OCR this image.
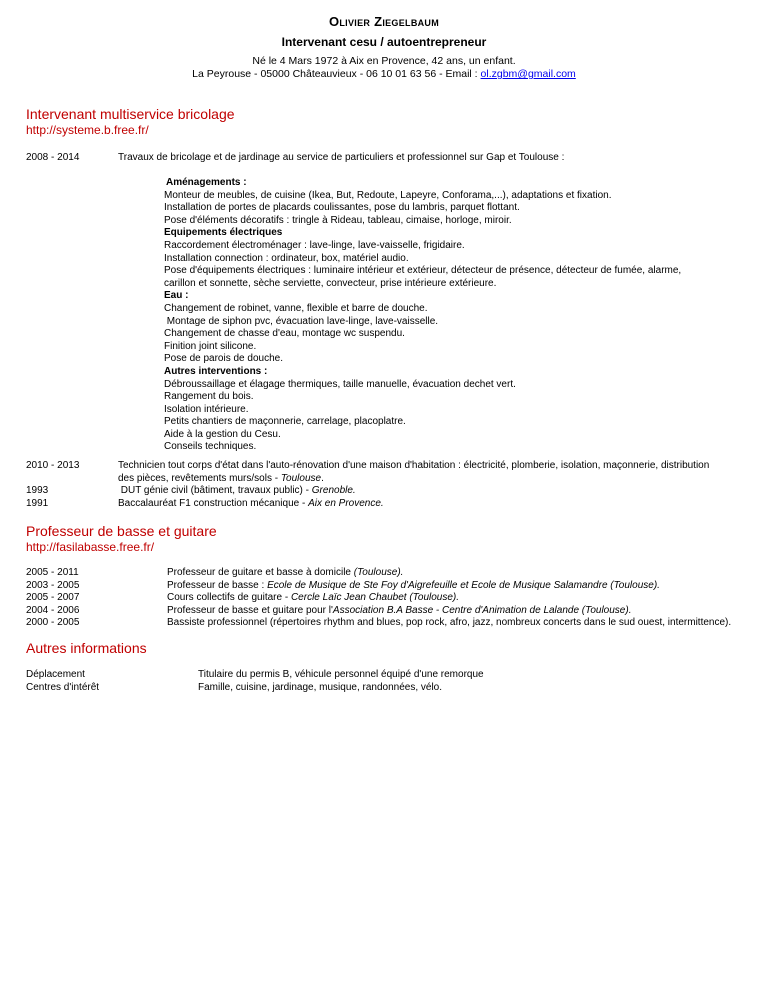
Olivier Ziegelbaum
Intervenant cesu / autoentrepreneur
Né le 4 Mars 1972 à Aix en Provence, 42 ans, un enfant.
La Peyrouse - 05000 Châteauvieux - 06 10 01 63 56 - Email : ol.zgbm@gmail.com
Intervenant multiservice bricolage
http://systeme.b.free.fr/
2008 - 2014	Travaux de bricolage et de jardinage au service de particuliers et professionnel sur Gap et Toulouse :
Aménagements :
Monteur de meubles, de cuisine (Ikea, But, Redoute, Lapeyre, Conforama,...), adaptations et fixation.
Installation de portes de placards coulissantes, pose du lambris, parquet flottant.
Pose d'éléments décoratifs : tringle à Rideau, tableau, cimaise, horloge, miroir.
Equipements électriques
Raccordement électroménager : lave-linge, lave-vaisselle, frigidaire.
Installation connection : ordinateur, box, matériel audio.
Pose d'équipements électriques : luminaire intérieur et extérieur, détecteur de présence, détecteur de fumée, alarme, carillon et sonnette, sèche serviette, convecteur, prise intérieure extérieure.
Eau :
Changement de robinet, vanne, flexible et barre de douche.
Montage de siphon pvc, évacuation lave-linge, lave-vaisselle.
Changement de chasse d'eau, montage wc suspendu.
Finition joint silicone.
Pose de parois de douche.
Autres interventions :
Débroussaillage et élagage thermiques, taille manuelle, évacuation dechet vert.
Rangement du bois.
Isolation intérieure.
Petits chantiers de maçonnerie, carrelage, placoplatre.
Aide à la gestion du Cesu.
Conseils techniques.
2010 - 2013	Technicien tout corps d'état dans l'auto-rénovation d'une maison d'habitation : électricité, plomberie, isolation, maçonnerie, distribution des pièces, revêtements murs/sols - Toulouse.
1993	DUT génie civil (bâtiment, travaux public) - Grenoble.
1991	Baccalauréat F1 construction mécanique - Aix en Provence.
Professeur de basse et guitare
http://fasilabasse.free.fr/
2005 - 2011	Professeur de guitare et basse à domicile (Toulouse).
2003 - 2005	Professeur de basse : Ecole de Musique de Ste Foy d'Aigrefeuille et Ecole de Musique Salamandre (Toulouse).
2005 - 2007	Cours collectifs de guitare - Cercle Laïc Jean Chaubet (Toulouse).
2004 - 2006	Professeur de basse et guitare pour l'Association B.A Basse - Centre d'Animation de Lalande (Toulouse).
2000 - 2005	Bassiste professionnel (répertoires rhythm and blues, pop rock, afro, jazz, nombreux concerts dans le sud ouest, intermittence).
Autres informations
Déplacement	Titulaire du permis B, véhicule personnel équipé d'une remorque
Centres d'intérêt	Famille, cuisine, jardinage, musique, randonnées, vélo.
